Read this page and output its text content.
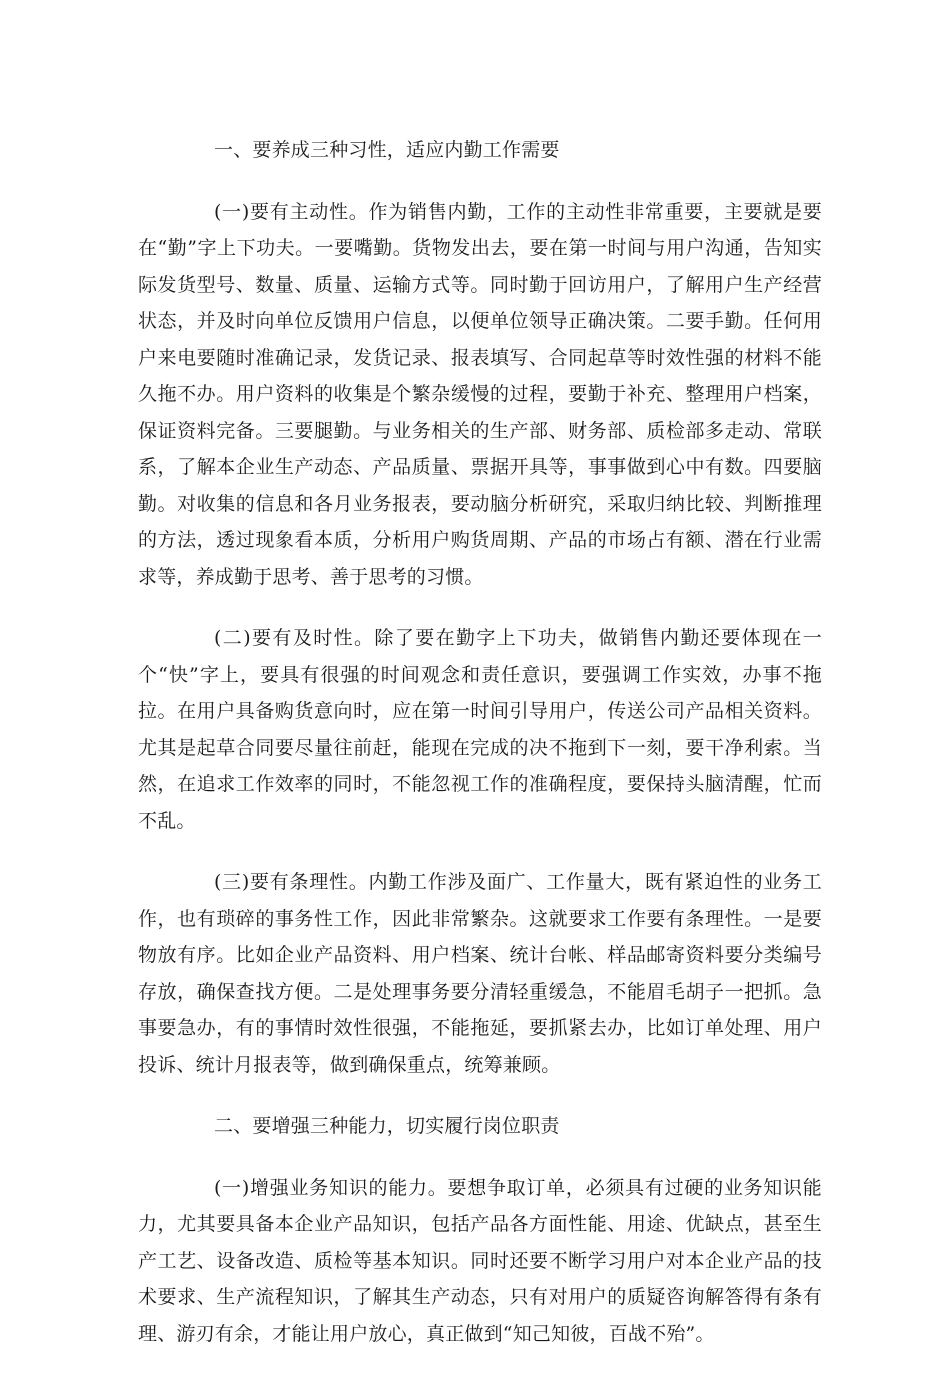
一、要养成三种习性，适应内勤工作需要

(一)要有主动性。作为销售内勤，工作的主动性非常重要，主要就是要在“勤”字上下功夫。一要嘴勤。货物发出去，要在第一时间与用户沟通，告知实际发货型号、数量、质量、运输方式等。同时勤于回访用户，了解用户生产经营状态，并及时向单位反馈用户信息，以便单位领导正确决策。二要手勤。任何用户来电要随时准确记录，发货记录、报表填写、合同起草等时效性强的材料不能久拖不办。用户资料的收集是个繁杂缓慢的过程，要勤于补充、整理用户档案，保证资料完备。三要腿勤。与业务相关的生产部、财务部、质检部多走动、常联系，了解本企业生产动态、产品质量、票据开具等，事事做到心中有数。四要脑勤。对收集的信息和各月业务报表，要动脑分析研究，采取归纳比较、判断推理的方法，透过现象看本质，分析用户购货周期、产品的市场占有额、潜在行业需求等，养成勤于思考、善于思考的习惯。

(二)要有及时性。除了要在勤字上下功夫，做销售内勤还要体现在一个“快”字上，要具有很强的时间观念和责任意识，要强调工作实效，办事不拖拉。在用户具备购货意向时，应在第一时间引导用户，传送公司产品相关资料。尤其是起草合同要尽量往前赶，能现在完成的决不拖到下一刻，要干净利索。当然，在追求工作效率的同时，不能忽视工作的准确程度，要保持头脑清醒，忙而不乱。

(三)要有条理性。内勤工作涉及面广、工作量大，既有紧迫性的业务工作，也有琐碎的事务性工作，因此非常繁杂。这就要求工作要有条理性。一是要物放有序。比如企业产品资料、用户档案、统计台帐、样品邮寄资料要分类编号存放，确保查找方便。二是处理事务要分清轻重缓急，不能眉毛胡子一把抓。急事要急办，有的事情时效性很强，不能拖延，要抓紧去办，比如订单处理、用户投诉、统计月报表等，做到确保重点，统筹兼顾。

二、要增强三种能力，切实履行岗位职责

(一)增强业务知识的能力。要想争取订单，必须具有过硬的业务知识能力，尤其要具备本企业产品知识，包括产品各方面性能、用途、优缺点，甚至生产工艺、设备改造、质检等基本知识。同时还要不断学习用户对本企业产品的技术要求、生产流程知识，了解其生产动态，只有对用户的质疑咨询解答得有条有理、游刃有余，才能让用户放心，真正做到“知己知彼，百战不殆”。
